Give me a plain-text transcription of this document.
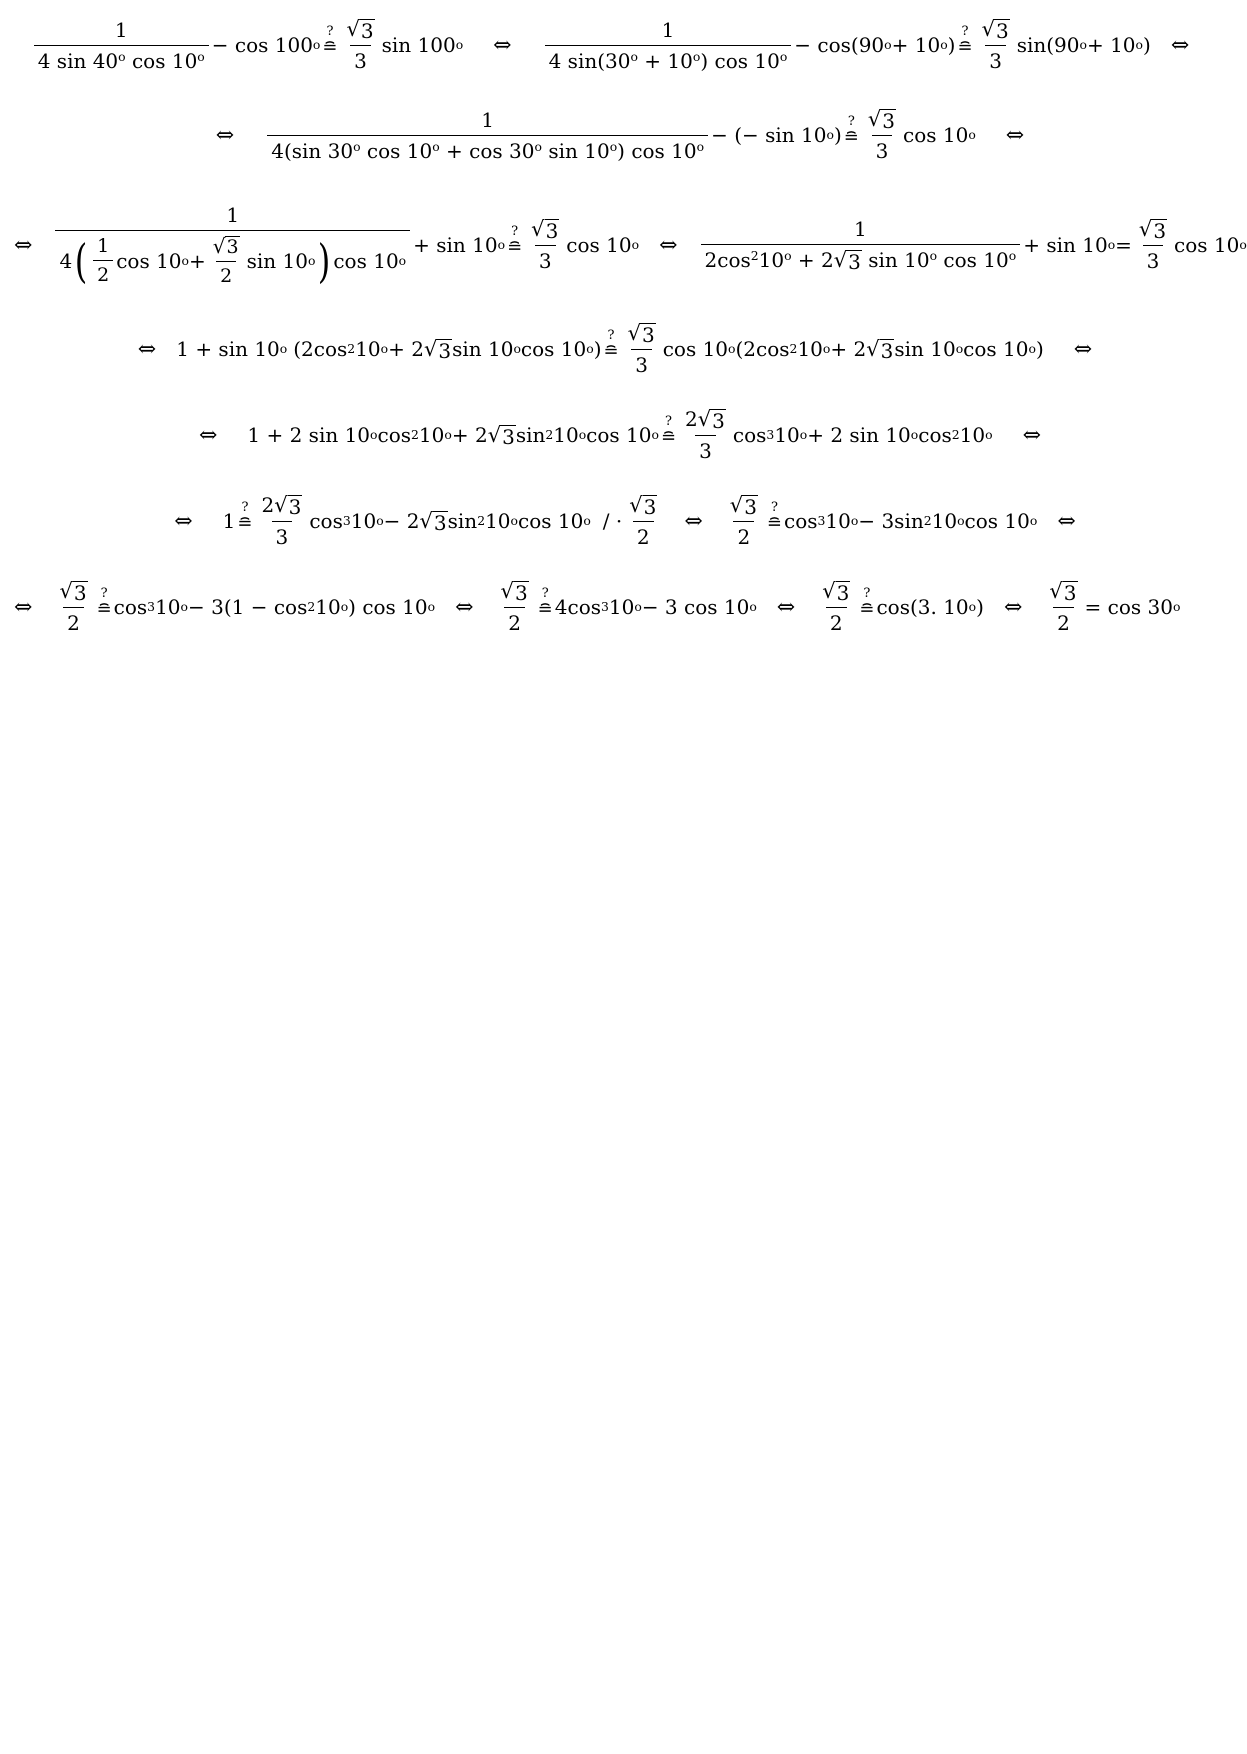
$\frac{1}{4 \sin 40^o \cos 10^o} - \cos 100$ o
?
≘ $\frac{√ 3}{3}$ sin 100 o ⇔ $\frac{1}{4 \sin(30^o + 10^o) \cos 10^o} - \cos(90$ o + 10 o )
?
≘ $\frac{√ 3}{3} \sin(90$ o + 10 o ) ⇔
⇔ $\frac{1}{4(\sin 30^o \cos 10^o + \cos 30^o \sin 10^o) \cos 10^o}$ − (− sin 10 o )
?
≘ $\frac{√ 3}{3}$ cos 10 o ⇔
⇔ $\frac{1}{4 ( \frac{1}{2} \cos 10 o + \frac{√ 3}{2} \sin 10 o ) \cos 10 o} + \sin 10$ o
?
≘ $\frac{√ 3}{3}$ cos 10 o ⇔ $\frac{1}{2\cos^210^o + 2 √ 3 \sin 10^o \cos 10^o} + \sin 10$ $o = \frac{√ 3}{3}$ cos 10 o
⇔ 1 + sin 10 o (2cos 2 10 o + 2 √ 3 sin 10 o cos 10 o )
?
≘ $\frac{√ 3}{3}$ cos 10 o (2cos 2 10 o + 2 √ 3 sin 10 o cos 10 o ) ⇔
⇔ 1 + 2 sin 10 o cos 2 10 o + 2 √ 3 sin 2 10 o cos 10 o
?
≘ $\frac{2 √ 3}{3}$ cos 3 10 o + 2 sin 10 o cos 2 10 o ⇔
⇔ 1
?
≘ $\frac{2 √ 3}{3}$ cos 3 10 o − 2 √ 3 sin 2 10 o cos 10 o / · $\frac{√ 3}{2}$ ⇔ $\frac{√ 3}{2}$ ?
≘ cos 3 10 o − 3sin 2 10 o cos 10 o ⇔
⇔ $\frac{√ 3}{2}$ ?
≘ cos 3 10 o − 3(1 − cos 2 10 o ) cos 10 o ⇔ $\frac{√ 3}{2}$ ?
≘ 4cos 3 10 o − 3 cos 10 o ⇔ $\frac{√ 3}{2}$ ?
≘ cos(3. 10 o ) ⇔ $\frac{√ 3}{2} = \cos 30$ o
